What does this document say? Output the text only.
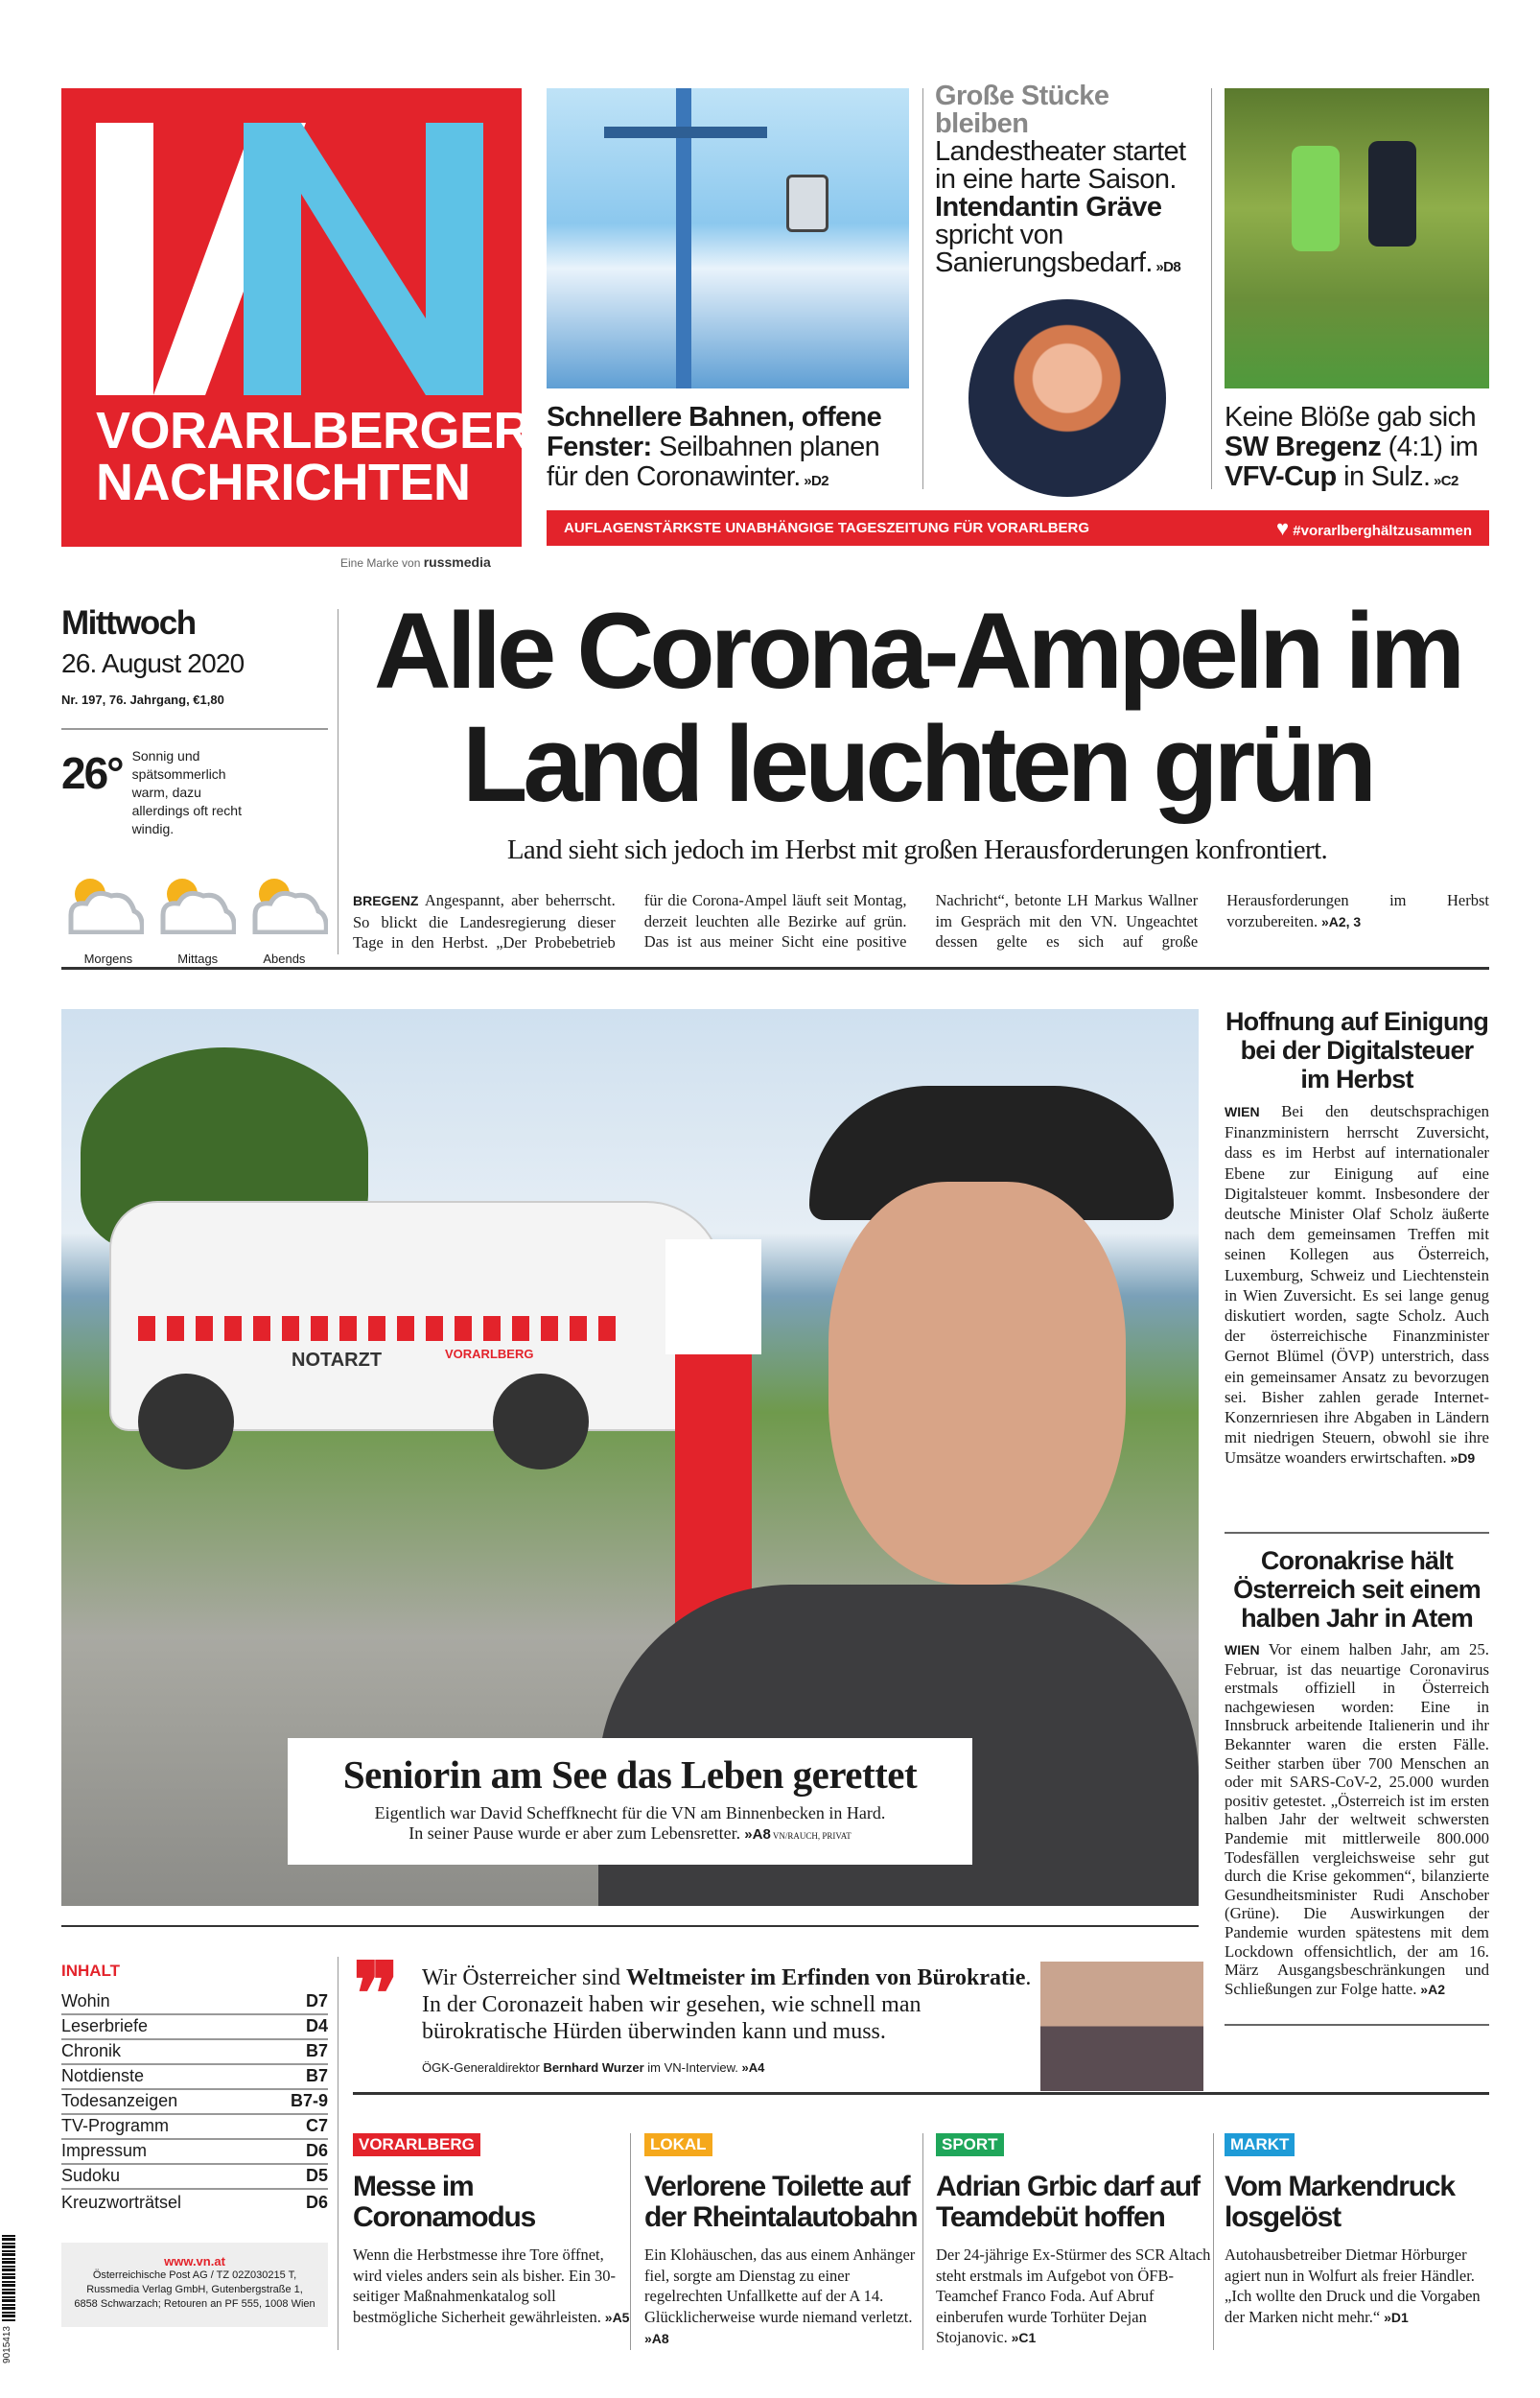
VORARLBERGER
NACHRICHTEN
Eine Marke von russmedia
Schnellere Bahnen, offene Fenster: Seilbahnen planen für den Coronawinter. »D2
Große Stücke bleiben
Landestheater startet in eine harte Saison. Intendantin Gräve spricht von Sanierungsbedarf. »D8
Keine Blöße gab sich SW Bregenz (4:1) im VFV-Cup in Sulz. »C2
AUFLAGENSTÄRKSTE UNABHÄNGIGE TAGESZEITUNG FÜR VORARLBERG	♥ #vorarlberghältzusammen
Mittwoch
26. August 2020
Nr. 197, 76. Jahrgang, €1,80
26° Sonnig und spätsommerlich warm, dazu allerdings oft recht windig.
Morgens	Mittags	Abends
Alle Corona-Ampeln im
Land leuchten grün
Land sieht sich jedoch im Herbst mit großen Herausforderungen konfrontiert.
BREGENZ Angespannt, aber beherrscht. So blickt die Landesregierung dieser Tage in den Herbst. „Der Probebetrieb für die Corona-Ampel läuft seit Montag, derzeit leuchten alle Bezirke auf grün. Das ist aus meiner Sicht eine positive Nachricht“, betonte LH Markus Wallner im Gespräch mit den VN. Ungeachtet dessen gelte es sich auf große Herausforderungen im Herbst vorzubereiten. »A2, 3
NOTARZT	VORARLBERG
Seniorin am See das Leben gerettet
Eigentlich war David Scheffknecht für die VN am Binnenbecken in Hard.
In seiner Pause wurde er aber zum Lebensretter. »A8 VN/RAUCH, PRIVAT
Hoffnung auf Einigung bei der Digitalsteuer im Herbst
WIEN Bei den deutschsprachigen Finanzministern herrscht Zuversicht, dass es im Herbst auf internationaler Ebene zur Einigung auf eine Digitalsteuer kommt. Insbesondere der deutsche Minister Olaf Scholz äußerte nach dem gemeinsamen Treffen mit seinen Kollegen aus Österreich, Luxemburg, Schweiz und Liechtenstein in Wien Zuversicht. Es sei lange genug diskutiert worden, sagte Scholz. Auch der österreichische Finanzminister Gernot Blümel (ÖVP) unterstrich, dass ein gemeinsamer Ansatz zu bevorzugen sei. Bisher zahlen gerade Internet-Konzernriesen ihre Abgaben in Ländern mit niedrigen Steuern, obwohl sie ihre Umsätze woanders erwirtschaften. »D9
Coronakrise hält Österreich seit einem halben Jahr in Atem
WIEN Vor einem halben Jahr, am 25. Februar, ist das neuartige Coronavirus erstmals offiziell in Österreich nachgewiesen worden: Eine in Innsbruck arbeitende Italienerin und ihr Bekannter waren die ersten Fälle. Seither starben über 700 Menschen an oder mit SARS-CoV-2, 25.000 wurden positiv getestet. „Österreich ist im ersten halben Jahr der weltweit schwersten Pandemie mit mittlerweile 800.000 Todesfällen vergleichsweise sehr gut durch die Krise gekommen“, bilanzierte Gesundheitsminister Rudi Anschober (Grüne). Die Auswirkungen der Pandemie wurden spätestens mit dem Lockdown offensichtlich, der am 16. März Ausgangsbeschränkungen und Schließungen zur Folge hatte. »A2
INHALT
Wohin	D7
Leserbriefe	D4
Chronik	B7
Notdienste	B7
Todesanzeigen	B7-9
TV-Programm	C7
Impressum	D6
Sudoku	D5
Kreuzworträtsel	D6
9015413
www.vn.at
Österreichische Post AG / TZ 02Z030215 T,
Russmedia Verlag GmbH, Gutenbergstraße 1,
6858 Schwarzach; Retouren an PF 555, 1008 Wien
❞ Wir Österreicher sind Weltmeister im Erfinden von Bürokratie. In der Coronazeit haben wir gesehen, wie schnell man bürokratische Hürden überwinden kann und muss.
ÖGK-Generaldirektor Bernhard Wurzer im VN-Interview. »A4
VORARLBERG
Messe im Coronamodus

Wenn die Herbstmesse ihre Tore öffnet, wird vieles anders sein als bisher. Ein 30-seitiger Maßnahmenkatalog soll bestmögliche Sicherheit gewährleisten. »A5

LOKAL
Verlorene Toilette auf der Rheintalautobahn

Ein Klohäuschen, das aus einem Anhänger fiel, sorgte am Dienstag zu einer regelrechten Unfallkette auf der A 14. Glücklicherweise wurde niemand verletzt. »A8

SPORT
Adrian Grbic darf auf Teamdebüt hoffen

Der 24-jährige Ex-Stürmer des SCR Altach steht erstmals im Aufgebot von ÖFB-Teamchef Franco Foda. Auf Abruf einberufen wurde Torhüter Dejan Stojanovic. »C1

MARKT
Vom Markendruck losgelöst

Autohausbetreiber Dietmar Hörburger agiert nun in Wolfurt als freier Händler. „Ich wollte den Druck und die Vorgaben der Marken nicht mehr.“ »D1
